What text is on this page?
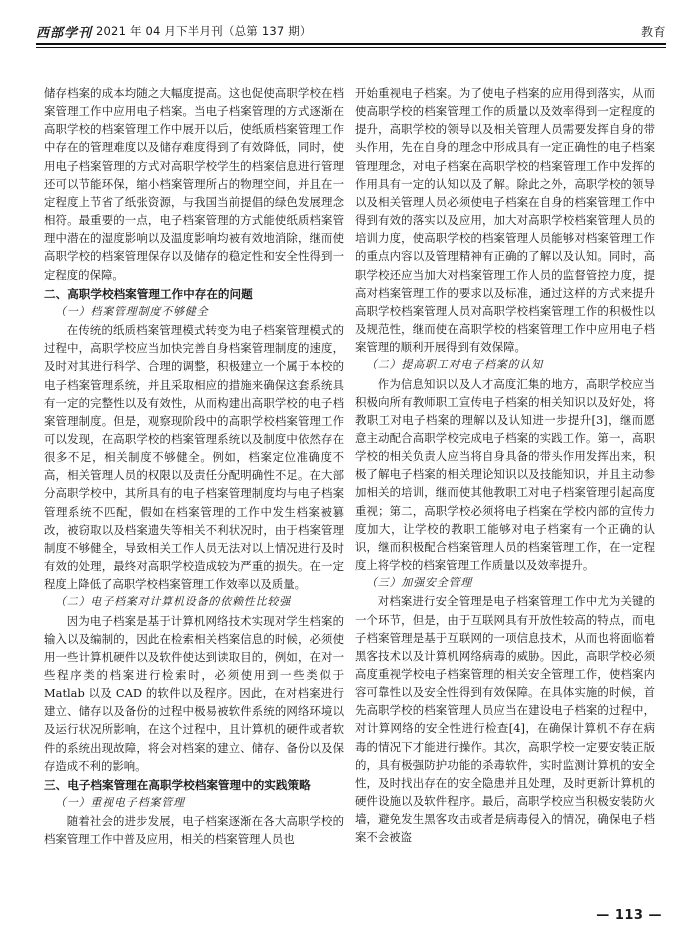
西部学刊 2021 年 04 月下半月刊（总第 137 期）	教育

储存档案的成本均随之大幅度提高。这也促使高职学校在档案管理工作中应用电子档案。当电子档案管理的方式逐渐在高职学校的档案管理工作中展开以后，使纸质档案管理工作中存在的管理难度以及储存难度得到了有效降低，同时，使用电子档案管理的方式对高职学校学生的档案信息进行管理还可以节能环保，缩小档案管理所占的物理空间，并且在一定程度上节省了纸张资源，与我国当前提倡的绿色发展理念相符。最重要的一点，电子档案管理的方式能使纸质档案管理中潜在的湿度影响以及温度影响均被有效地消除，继而使高职学校的档案管理保存以及储存的稳定性和安全性得到一定程度的保障。

二、高职学校档案管理工作中存在的问题
（一）档案管理制度不够健全

在传统的纸质档案管理模式转变为电子档案管理模式的过程中，高职学校应当加快完善自身档案管理制度的速度，及时对其进行科学、合理的调整，积极建立一个属于本校的电子档案管理系统，并且采取相应的措施来确保这套系统具有一定的完整性以及有效性，从而构建出高职学校的电子档案管理制度。但是，观察现阶段中的高职学校档案管理工作可以发现，在高职学校的档案管理系统以及制度中依然存在很多不足，相关制度不够健全。例如，档案定位准确度不高，相关管理人员的权限以及责任分配明确性不足。在大部分高职学校中，其所具有的电子档案管理制度均与电子档案管理系统不匹配，假如在档案管理的工作中发生档案被篡改，被窃取以及档案遗失等相关不利状况时，由于档案管理制度不够健全，导致相关工作人员无法对以上情况进行及时有效的处理，最终对高职学校造成较为严重的损失。在一定程度上降低了高职学校档案管理工作效率以及质量。

（二）电子档案对计算机设备的依赖性比较强

因为电子档案是基于计算机网络技术实现对学生档案的输入以及编制的，因此在检索相关档案信息的时候，必须使用一些计算机硬件以及软件使达到读取目的，例如，在对一些程序类的档案进行检索时，必须使用到一些类似于 Matlab 以及 CAD 的软件以及程序。因此，在对档案进行建立、储存以及备份的过程中极易被软件系统的网络环境以及运行状况所影响，在这个过程中，且计算机的硬件或者软件的系统出现故障，将会对档案的建立、储存、备份以及保存造成不利的影响。

三、电子档案管理在高职学校档案管理中的实践策略
（一）重视电子档案管理

随着社会的进步发展，电子档案逐渐在各大高职学校的档案管理工作中普及应用，相关的档案管理人员也

开始重视电子档案。为了使电子档案的应用得到落实，从而使高职学校的档案管理工作的质量以及效率得到一定程度的提升，高职学校的领导以及相关管理人员需要发挥自身的带头作用，先在自身的理念中形成具有一定正确性的电子档案管理理念，对电子档案在高职学校的档案管理工作中发挥的作用具有一定的认知以及了解。除此之外，高职学校的领导以及相关管理人员必须使电子档案在自身的档案管理工作中得到有效的落实以及应用，加大对高职学校档案管理人员的培训力度，使高职学校的档案管理人员能够对档案管理工作的重点内容以及管理精神有正确的了解以及认知。同时，高职学校还应当加大对档案管理工作人员的监督管控力度，提高对档案管理工作的要求以及标准，通过这样的方式来提升高职学校档案管理人员对高职学校档案管理工作的积极性以及规范性，继而使在高职学校的档案管理工作中应用电子档案管理的顺利开展得到有效保障。

（二）提高职工对电子档案的认知

作为信息知识以及人才高度汇集的地方，高职学校应当积极向所有教师职工宣传电子档案的相关知识以及好处，将教职工对电子档案的理解以及认知进一步提升[3]，继而愿意主动配合高职学校完成电子档案的实践工作。第一，高职学校的相关负责人应当将自身具备的带头作用发挥出来，积极了解电子档案的相关理论知识以及技能知识，并且主动参加相关的培训，继而使其他教职工对电子档案管理引起高度重视；第二，高职学校必须将电子档案在学校内部的宣传力度加大，让学校的教职工能够对电子档案有一个正确的认识，继而积极配合档案管理人员的档案管理工作，在一定程度上将学校的档案管理工作质量以及效率提升。

（三）加强安全管理

对档案进行安全管理是电子档案管理工作中尤为关键的一个环节，但是，由于互联网具有开放性较高的特点，而电子档案管理是基于互联网的一项信息技术，从而也将面临着黑客技术以及计算机网络病毒的威胁。因此，高职学校必须高度重视学校电子档案管理的相关安全管理工作，使档案内容可靠性以及安全性得到有效保障。在具体实施的时候，首先高职学校的档案管理人员应当在建设电子档案的过程中，对计算网络的安全性进行检查[4]，在确保计算机不存在病毒的情况下才能进行操作。其次，高职学校一定要安装正版的，具有极强防护功能的杀毒软件，实时监测计算机的安全性，及时找出存在的安全隐患并且处理，及时更新计算机的硬件设施以及软件程序。最后，高职学校应当积极安装防火墙，避免发生黑客攻击或者是病毒侵入的情况，确保电子档案不会被盗

— 113 —
